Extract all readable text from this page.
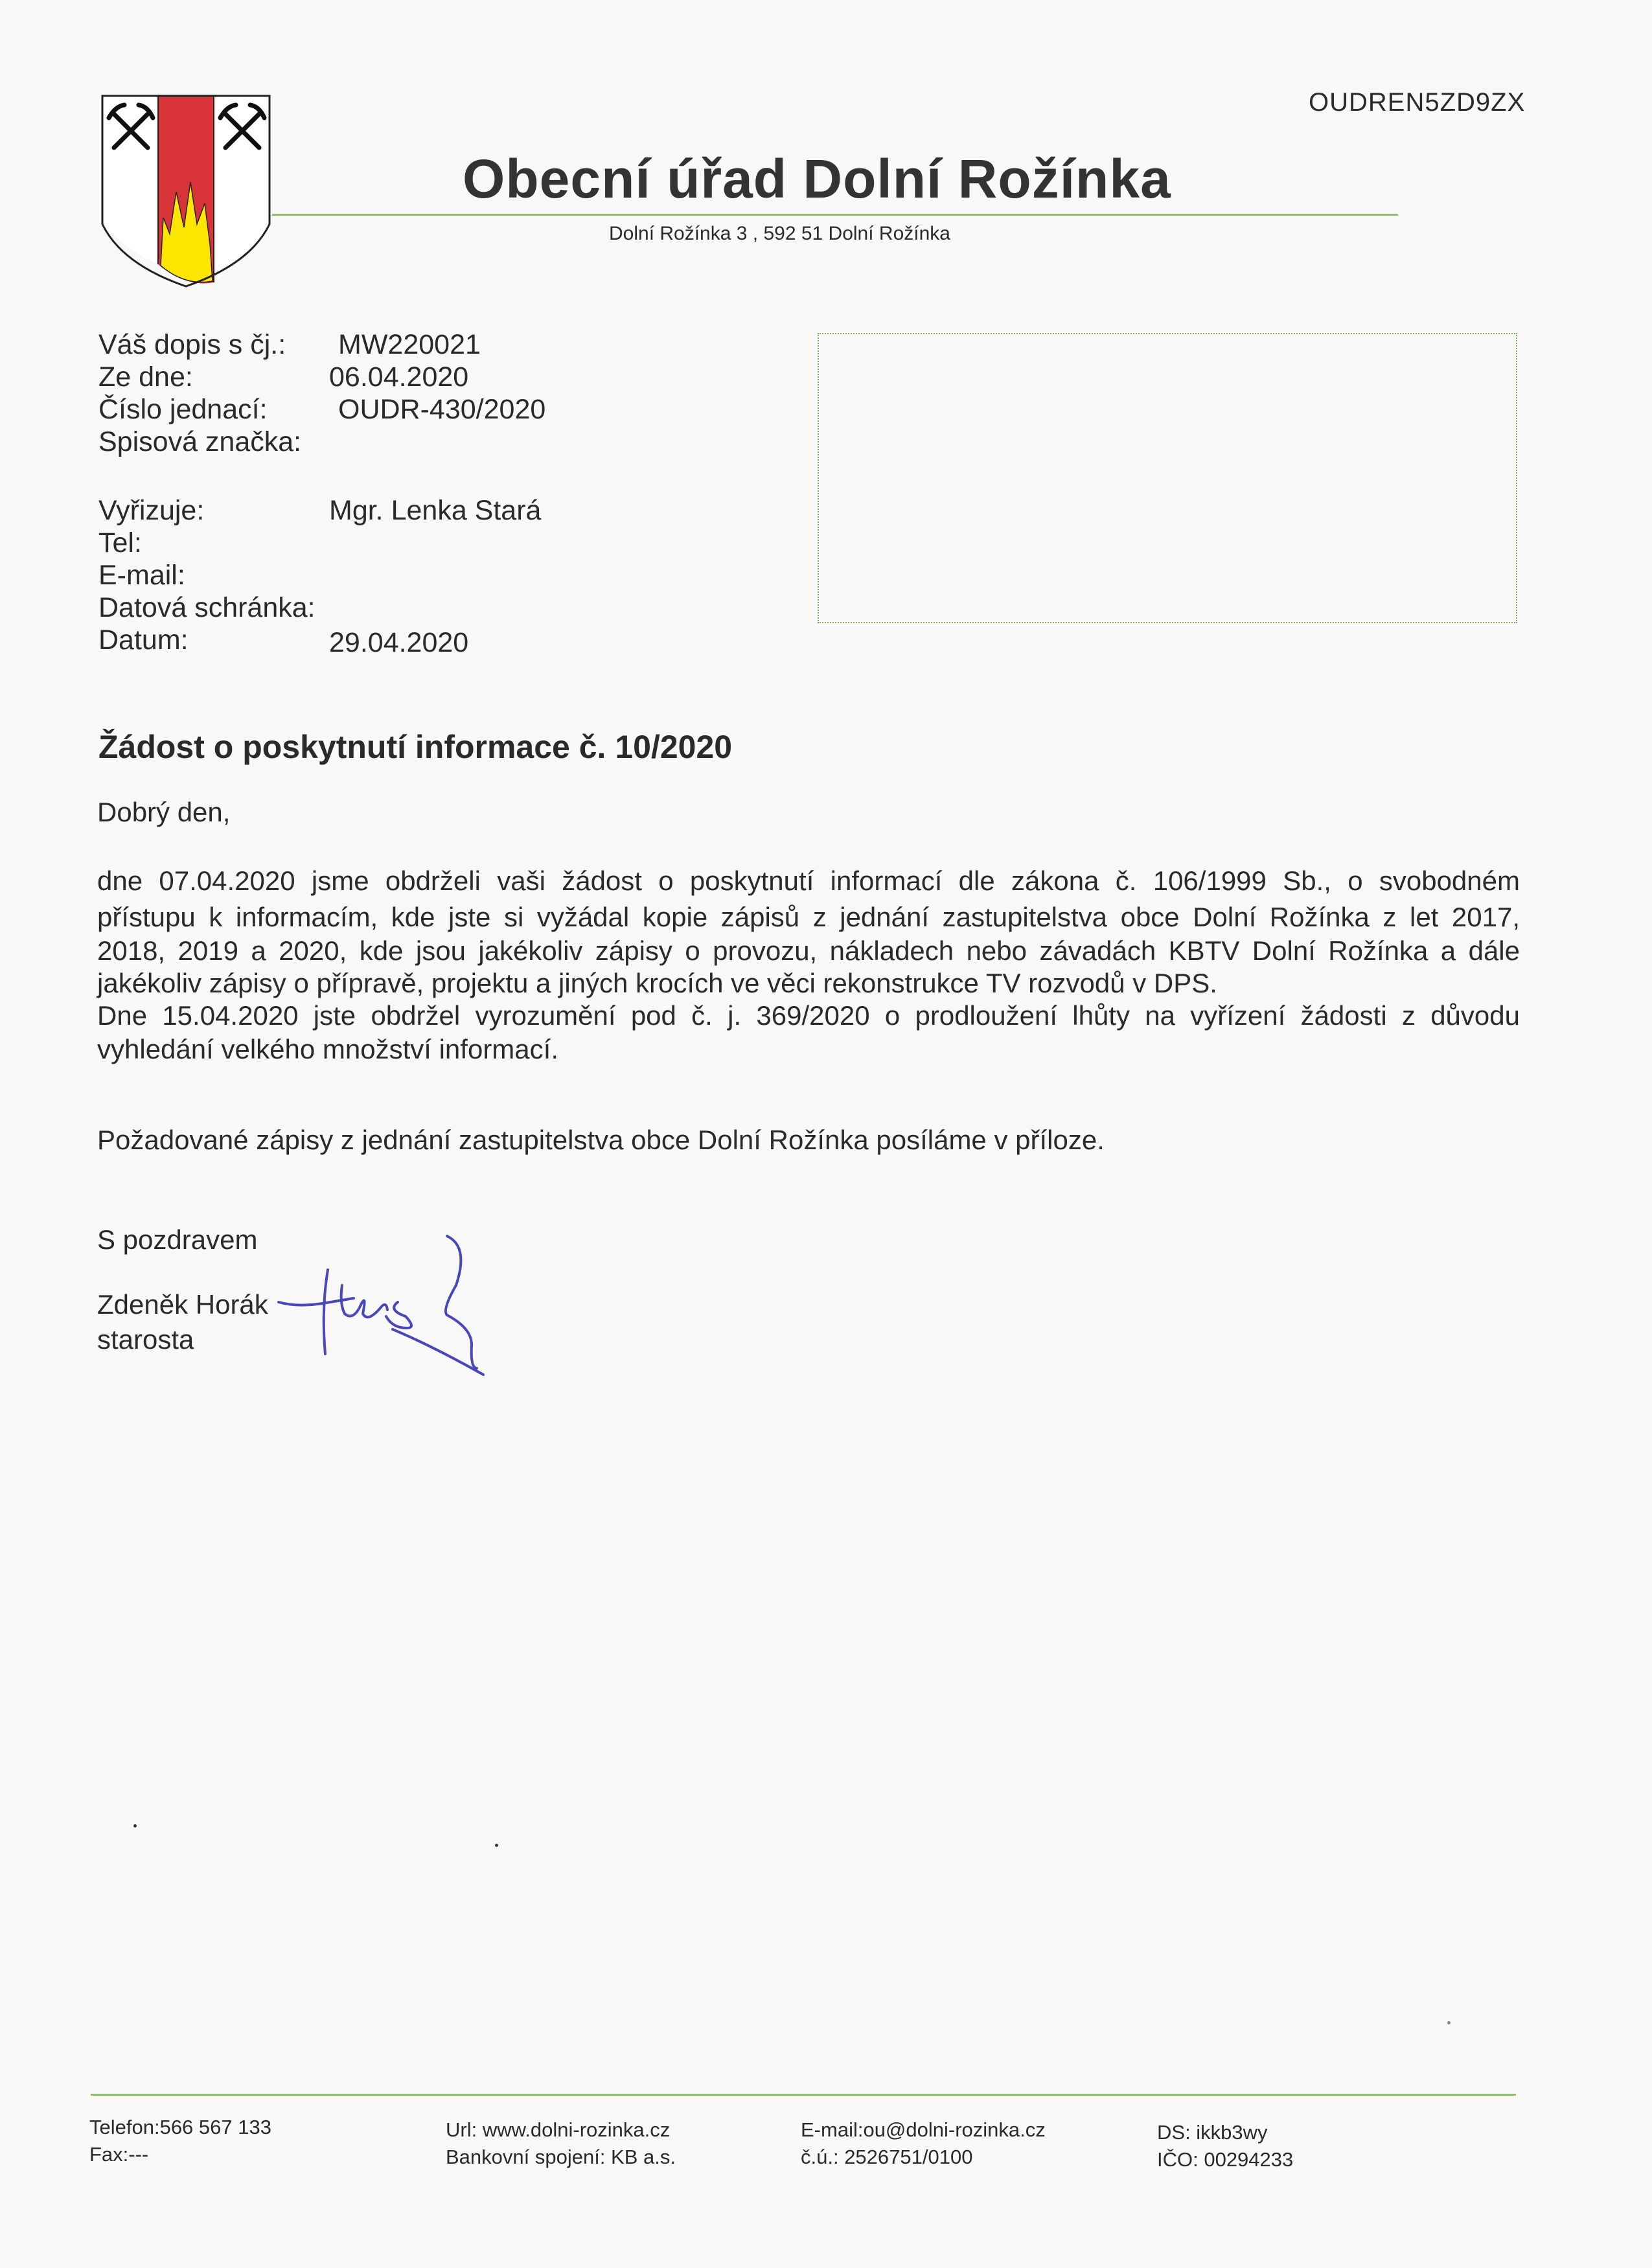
OUDREN5ZD9ZX
Obecní úřad Dolní Rožínka
Dolní Rožínka 3 , 592 51 Dolní Rožínka
Váš dopis s čj.: MW220021
Ze dne:	06.04.2020
Číslo jednací:	OUDR-430/2020
Spisová značka:
Vyřizuje:	Mgr. Lenka Stará
Tel:
E-mail:
Datová schránka:
Datum:	29.04.2020
Žádost o poskytnutí informace č. 10/2020
Dobrý den,
dne 07.04.2020 jsme obdrželi vaši žádost o poskytnutí informací dle zákona č. 106/1999 Sb., o svobodném
přístupu k informacím, kde jste si vyžádal kopie zápisů z jednání zastupitelstva obce Dolní Rožínka z let 2017,
2018, 2019 a 2020, kde jsou jakékoliv zápisy o provozu, nákladech nebo závadách KBTV Dolní Rožínka a dále
jakékoliv zápisy o přípravě, projektu a jiných krocích ve věci rekonstrukce TV rozvodů v DPS.
Dne 15.04.2020 jste obdržel vyrozumění pod č. j. 369/2020 o prodloužení lhůty na vyřízení žádosti z důvodu
vyhledání velkého množství informací.
Požadované zápisy z jednání zastupitelstva obce Dolní Rožínka posíláme v příloze.
S pozdravem
Zdeněk Horák
starosta
Telefon:566 567 133
Fax:---
Url: www.dolni-rozinka.cz
Bankovní spojení: KB a.s.
E-mail:ou@dolni-rozinka.cz
č.ú.: 2526751/0100
DS: ikkb3wy
IČO: 00294233
